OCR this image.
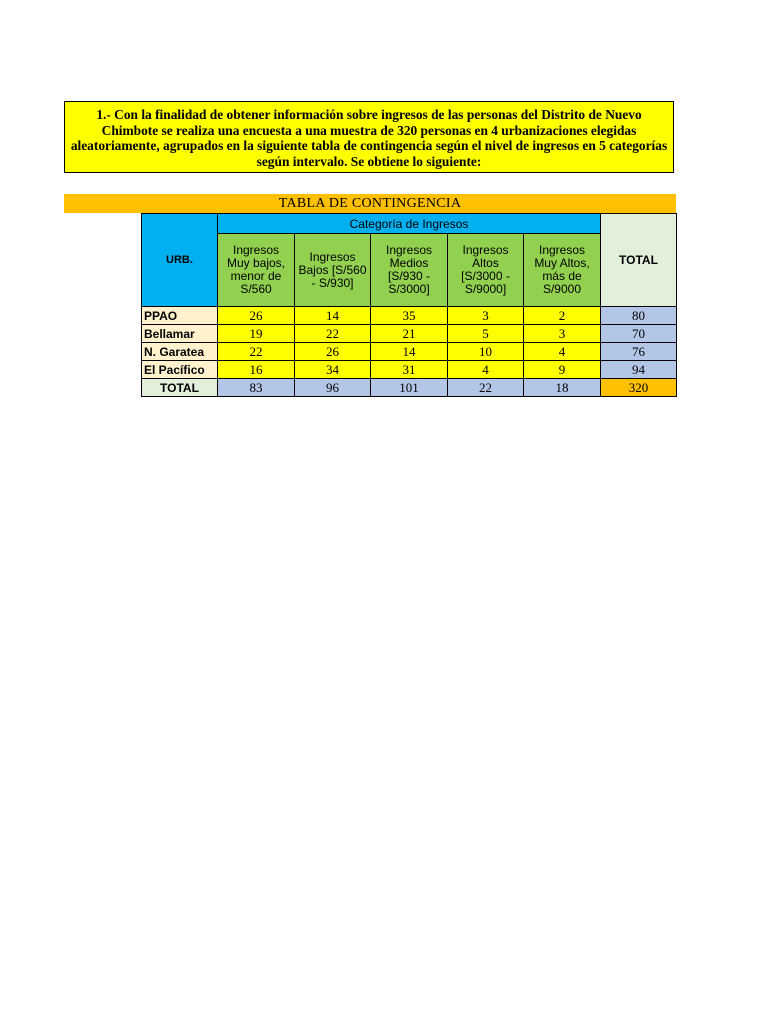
1.- Con la finalidad de obtener información sobre ingresos de las personas del Distrito de Nuevo Chimbote se realiza una encuesta a una muestra de 320 personas en 4 urbanizaciones elegidas aleatoriamente, agrupados en la siguiente tabla de contingencia según el nivel de ingresos en 5 categorías según intervalo. Se obtiene lo siguiente:
TABLA DE CONTINGENCIA
URB.	Categoría de Ingresos					TOTAL
	Ingresos Muy bajos, menor de S/560	Ingresos Bajos [S/560 - S/930]	Ingresos Medios [S/930 - S/3000]	Ingresos Altos [S/3000 - S/9000]	Ingresos Muy Altos, más de S/9000	
PPAO	26	14	35	3	2	80
Bellamar	19	22	21	5	3	70
N. Garatea	22	26	14	10	4	76
El Pacífico	16	34	31	4	9	94
TOTAL	83	96	101	22	18	320
